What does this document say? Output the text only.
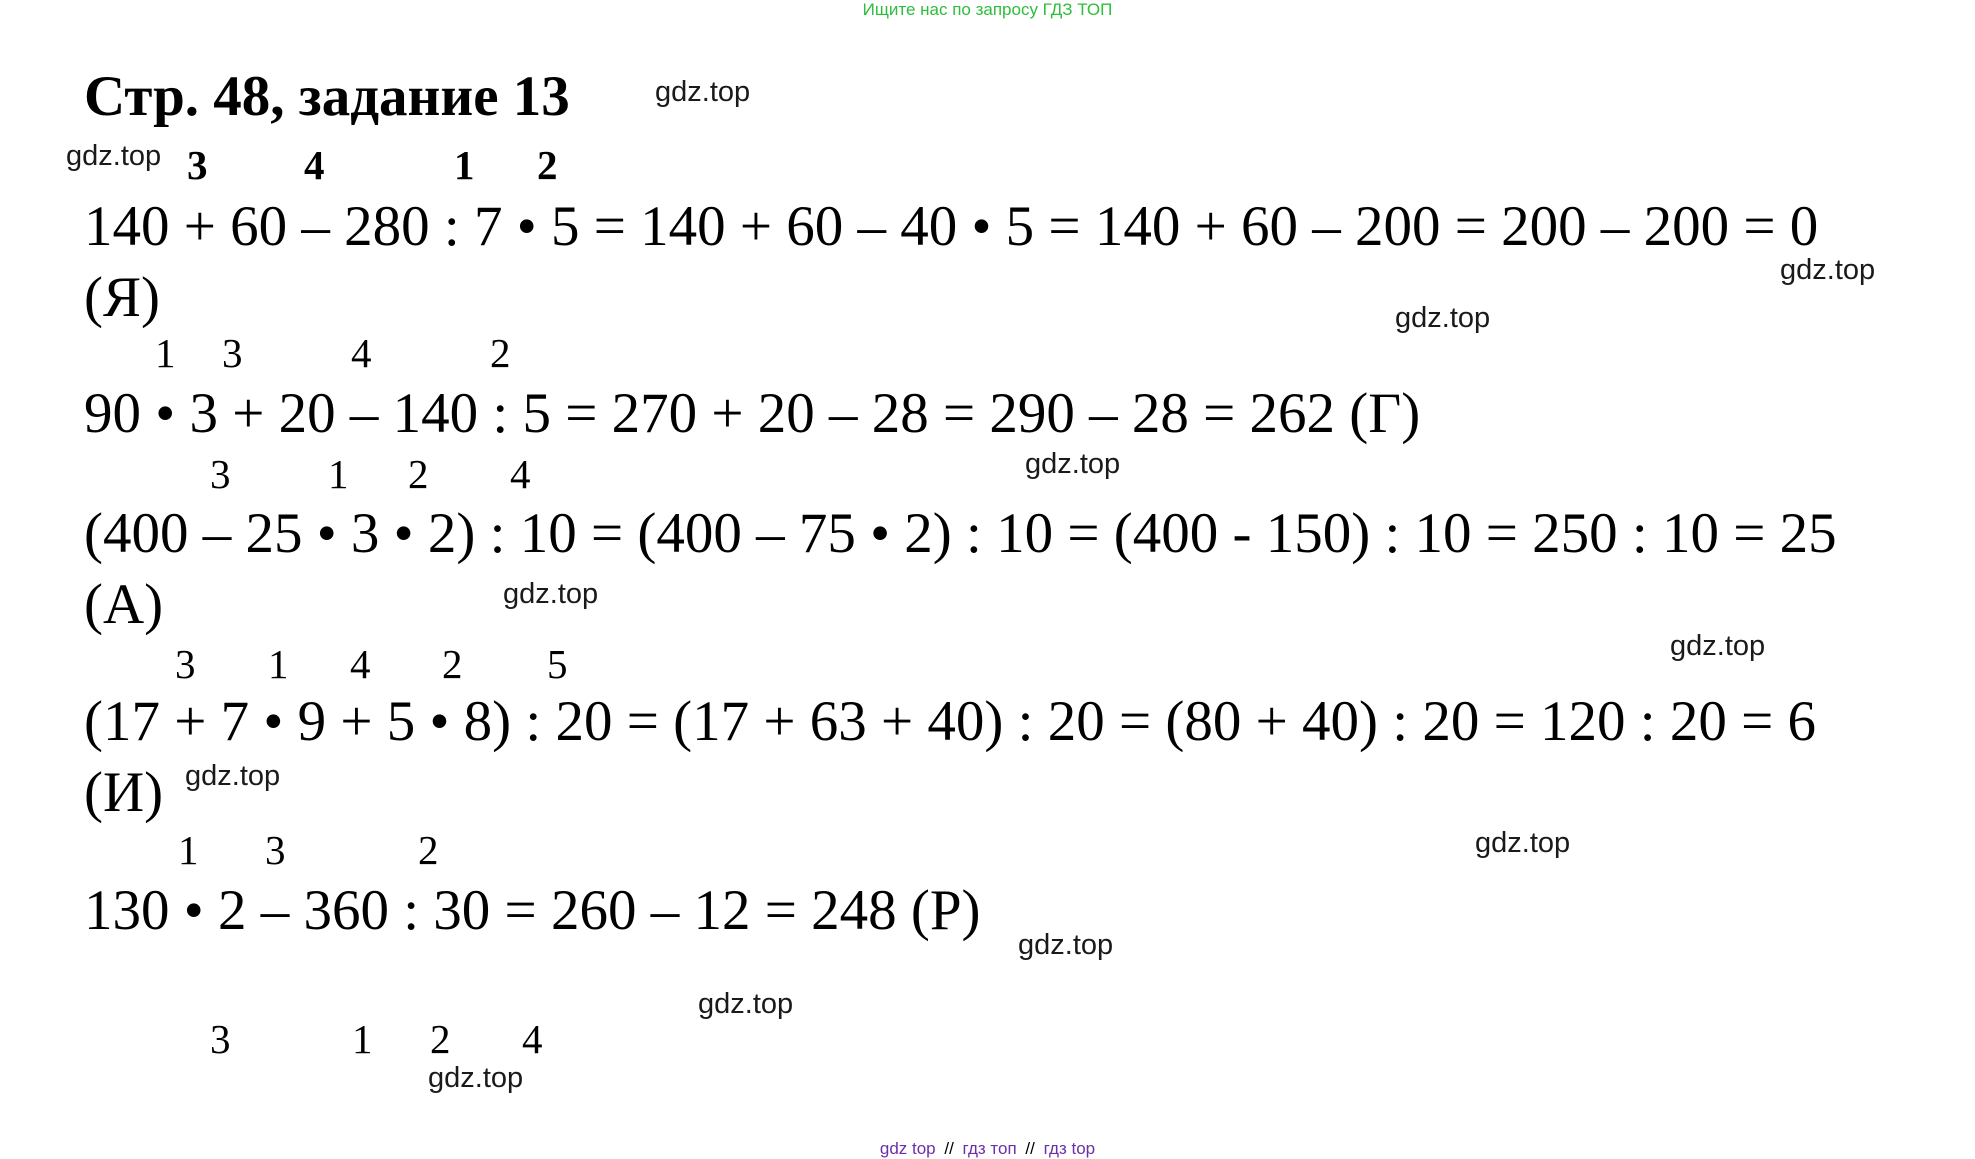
Ищите нас по запросу ГДЗ ТОП
Стр. 48, задание 13	gdz.top
gdz.top 3 4	1 2
140 + 60 – 280 : 7 • 5 = 140 + 60 – 40 • 5 = 140 + 60 – 200 = 200 – 200 = 0
(Я)	gdz.top
gdz.top
1 3	4	2
90 • 3 + 20 – 140 : 5 = 270 + 20 – 28 = 290 – 28 = 262 (Г)
gdz.top
3 1 2 4
(400 – 25 • 3 • 2) : 10 = (400 – 75 • 2) : 10 = (400 - 150) : 10 = 250 : 10 = 25
(А)	gdz.top
gdz.top
3 1 4 2 5
(17 + 7 • 9 + 5 • 8) : 20 = (17 + 63 + 40) : 20 = (80 + 40) : 20 = 120 : 20 = 6
(И) gdz.top
gdz.top
1 3	2
130 • 2 – 360 : 30 = 260 – 12 = 248 (Р)
gdz.top
gdz.top
3	1 2 4
gdz.top
gdz top // гдз топ // гдз top
